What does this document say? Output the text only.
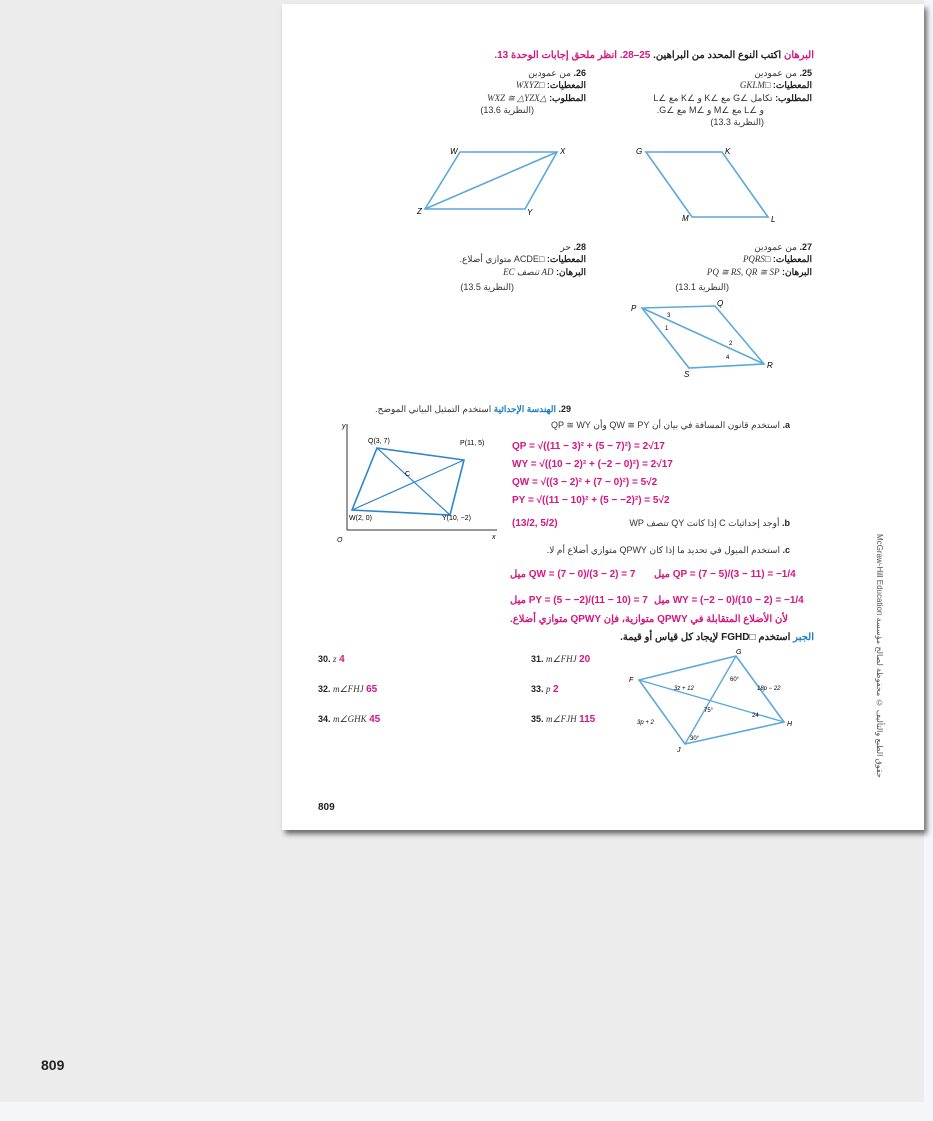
809
البرهان اكتب النوع المحدد من البراهين. 25–28. انظر ملحق إجابات الوحدة 13.
25. من عمودين
المعطيات: □GKLM
المطلوب: تكامل ∠G مع ∠K و ∠K مع ∠L
و ∠L مع ∠M و ∠M مع ∠G.
(النظرية 13.3)
26. من عمودين
المعطيات: □WXYZ
المطلوب: △WXZ ≅ △YZX
(النظرية 13.6)
W	X
Z	Y
G	K
M	L
P
Q
R
S
3
1
2
4
27. من عمودين
المعطيات: □PQRS
البرهان: PQ ≅ RS, QR ≅ SP
(النظرية 13.1)
28. حر
المعطيات: □ACDE متوازي أضلاع.
البرهان: AD تنصف EC
(النظرية 13.5)
29. الهندسة الإحداثية استخدم التمثيل البياني الموضح.
a. استخدم قانون المسافة في بيان أن QW ≅ PY وأن QP ≅ WY
QP = √((11 − 3)² + (5 − 7)²) = 2√17
WY = √((10 − 2)² + (−2 − 0)²) = 2√17
QW = √((3 − 2)² + (7 − 0)²) = 5√2
PY = √((11 − 10)² + (5 − −2)²) = 5√2
b. أوجد إحداثيات C إذا كانت QY تنصف WP
(13/2, 5/2)
c. استخدم الميول في تحديد ما إذا كان QPWY متوازي أضلاع أم لا.
ميل QW = (7 − 0)/(3 − 2) = 7 ميل QP = (7 − 5)/(3 − 11) = −1/4
ميل PY = (5 − −2)/(11 − 10) = 7 ميل WY = (−2 − 0)/(10 − 2) = −1/4
لأن الأضلاع المتقابلة في QPWY متوازية، فإن QPWY متوازي أضلاع.
y
x
O
Q(3, 7)	P(11, 5)
W(2, 0)	Y(10, −2)
C
الجبر استخدم □FGHD لإيجاد كل قياس أو قيمة.
30. z 4	31. m∠FHJ 20
32. m∠FHJ 65	33. p 2
34. m∠GHK 45	35. m∠FJH 115
F
G
H
J
3z + 12	18p − 22
3p + 2
60°
75°
24
30°
McGraw-Hill Education حقوق الطبع والتأليف © محفوظة لصالح مؤسسة
809
